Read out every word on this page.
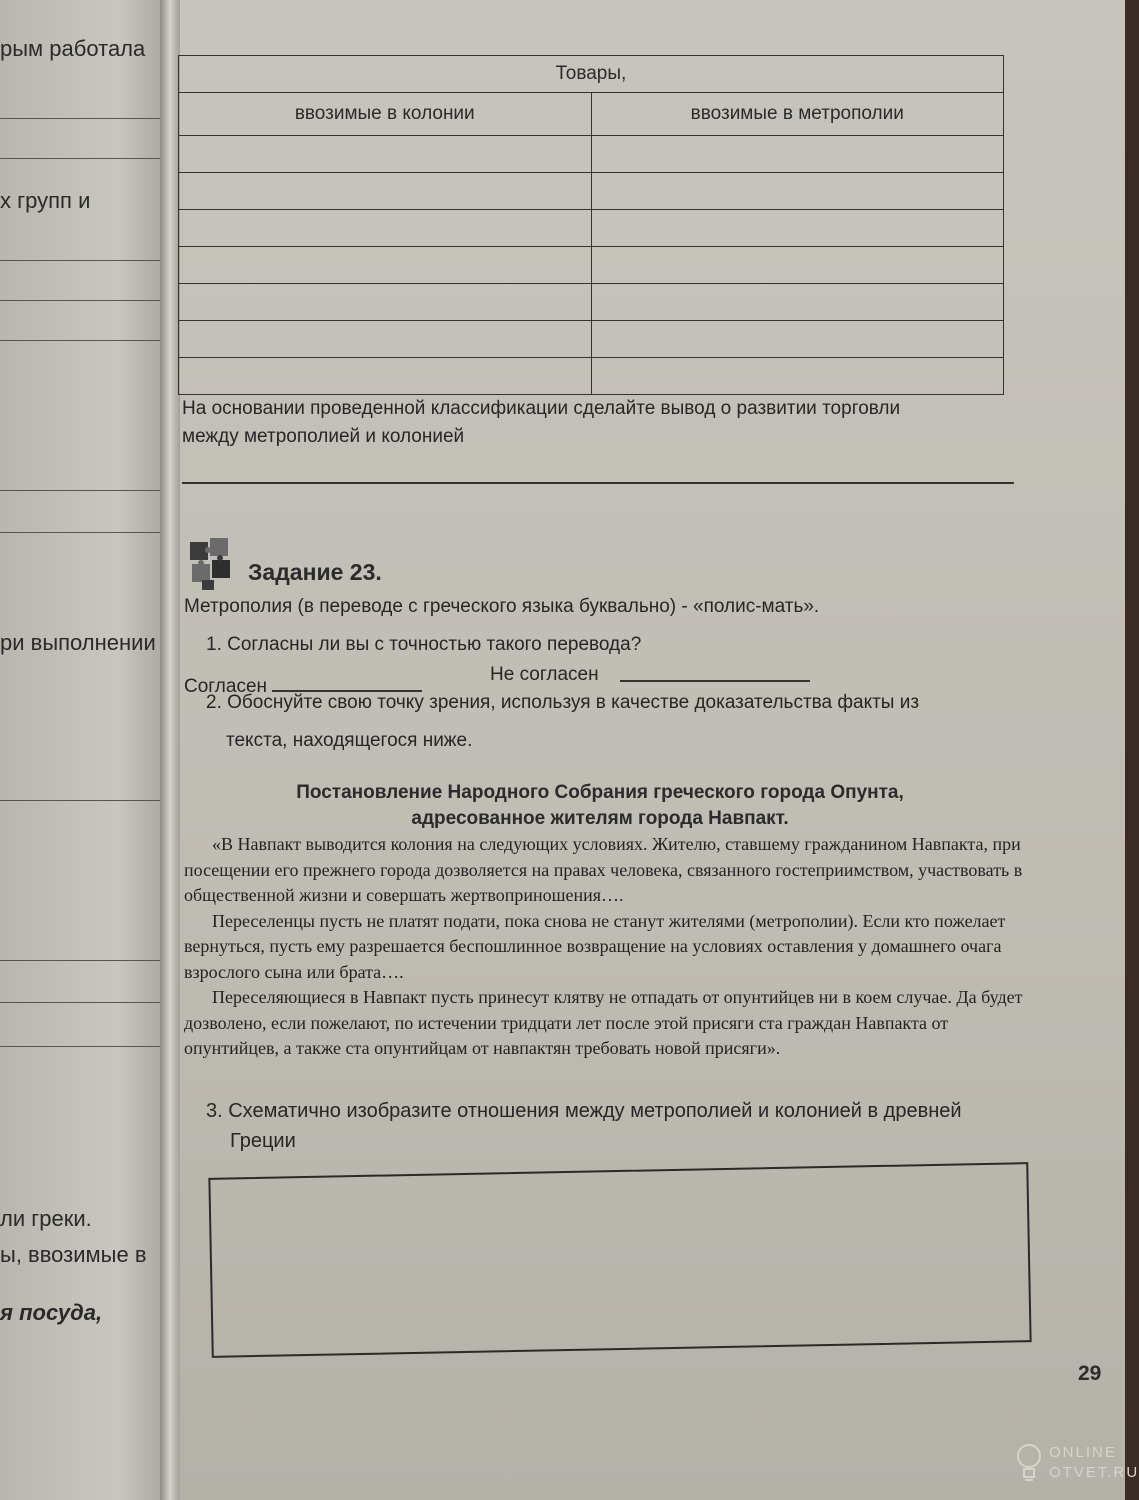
рым работала
х групп и
ри выполнении
ли греки.
ы, ввозимые в
я посуда,
Товары,	
ввозимые в колонии	ввозимые в метрополии

На основании проведенной классификации сделайте вывод о развитии торговли
между метрополией и колонией
Задание 23.
Метрополия (в переводе с греческого языка буквально) - «полис-мать».
1. Согласны ли вы с точностью такого перевода?
Согласен
Не согласен
2. Обоснуйте свою точку зрения, используя в качестве доказательства факты из
текста, находящегося ниже.
Постановление Народного Собрания греческого города Опунта,
адресованное жителям города Навпакт.

«В Навпакт выводится колония на следующих условиях. Жителю, ставшему гражданином Навпакта, при посещении его прежнего города дозволяется на правах человека, связанного гостеприимством, участвовать в общественной жизни и совершать жертвоприношения….

Переселенцы пусть не платят подати, пока снова не станут жителями (метрополии). Если кто пожелает вернуться, пусть ему разрешается беспошлинное возвращение на условиях оставления у домашнего очага взрослого сына или брата….

Переселяющиеся в Навпакт пусть принесут клятву не отпадать от опунтийцев ни в коем случае. Да будет дозволено, если пожелают, по истечении тридцати лет после этой присяги ста граждан Навпакта от опунтийцев, а также ста опунтийцам от навпактян требовать новой присяги».

3. Схематично изобразите отношения между метрополией и колонией в древней
Греции
29
ONLINE
OTVET.RU
